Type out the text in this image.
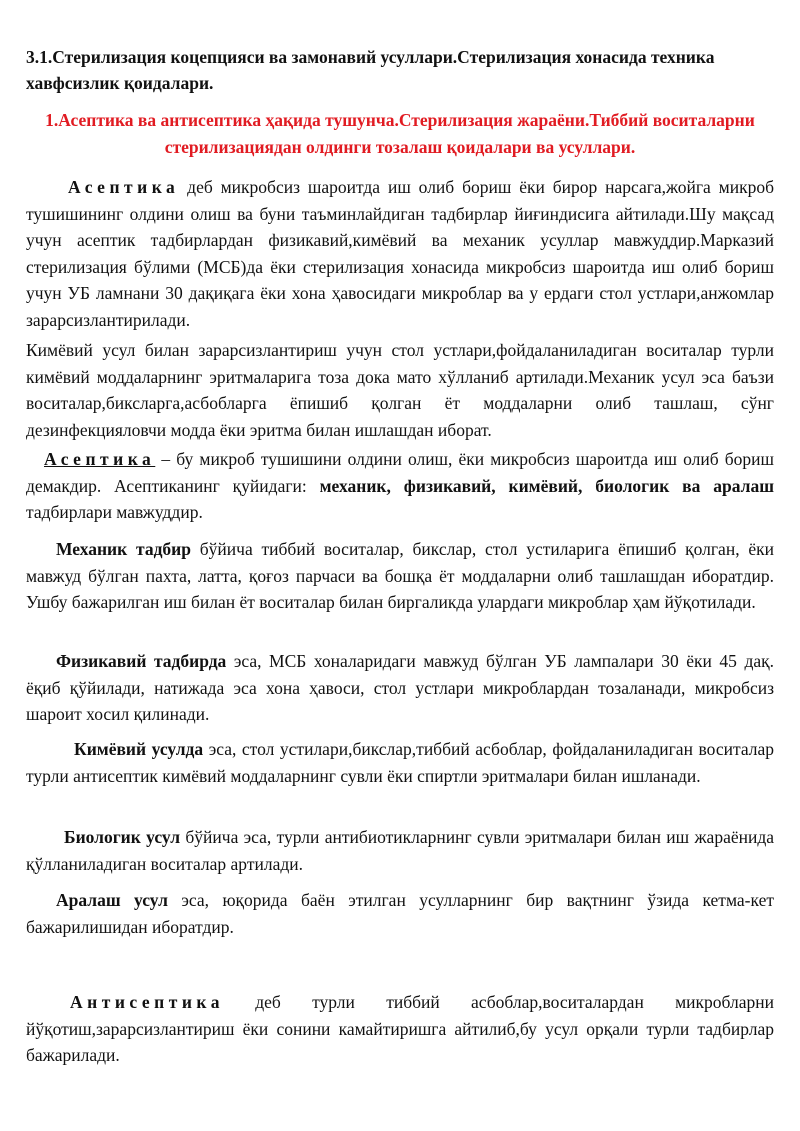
3.1.Стерилизация коцепцияси ва замонавий усуллари.Стерилизация хонасида техника хавфсизлик қоидалари.
1.Асептика ва антисептика ҳақида тушунча.Стерилизация жараёни.Тиббий воситаларни стерилизациядан олдинги тозалаш қоидалари ва усуллари.
Асептика деб микробсиз шароитда иш олиб бориш ёки бирор нарсага,жойга микроб тушишининг олдини олиш ва буни таъминлайдиган тадбирлар йиғиндисига айтилади.Шу мақсад учун асептик тадбирлардан физикавий,кимёвий ва механик усуллар мавжуддир.Марказий стерилизация бўлими (МСБ)да ёки стерилизация хонасида микробсиз шароитда иш олиб бориш учун УБ ламнани 30 дақиқага ёки хона ҳавосидаги микроблар ва у ердаги стол устлари,анжомлар зарарсизлантирилади.
Кимёвий усул билан зарарсизлантириш учун стол устлари,фойдаланиладиган воситалар турли кимёвий моддаларнинг эритмаларига тоза дока мато хўлланиб артилади.Механик усул эса баъзи воситалар,биксларга,асбобларга ёпишиб қолган ёт моддаларни олиб ташлаш, сўнг дезинфекцияловчи модда ёки эритма билан ишлашдан иборат.
Асептика – бу микроб тушишини олдини олиш, ёки микробсиз шароитда иш олиб бориш демакдир. Асептиканинг қуйидаги: механик, физикавий, кимёвий, биологик ва аралаш тадбирлари мавжуддир.
Механик тадбир бўйича тиббий воситалар, бикслар, стол устиларига ёпишиб қолган, ёки мавжуд бўлган пахта, латта, қоғоз парчаси ва бошқа ёт моддаларни олиб ташлашдан иборатдир. Ушбу бажарилган иш билан ёт воситалар билан биргаликда улардаги микроблар ҳам йўқотилади.
Физикавий тадбирда эса, МСБ хоналаридаги мавжуд бўлган УБ лампалари 30 ёки 45 дақ. ёқиб қўйилади, натижада эса хона ҳавоси, стол устлари микроблардан тозаланади, микробсиз шароит хосил қилинади.
Кимёвий усулда эса, стол устилари,бикслар,тиббий асбоблар, фойдаланиладиган воситалар турли антисептик кимёвий моддаларнинг сувли ёки спиртли эритмалари билан ишланади.
Биологик усул бўйича эса, турли антибиотикларнинг сувли эритмалари билан иш жараёнида қўлланиладиган воситалар артилади.
Аралаш усул эса, юқорида баён этилган усулларнинг бир вақтнинг ўзида кетма-кет бажарилишидан иборатдир.
Антисептика деб турли тиббий асбоблар,воситалардан микробларни йўқотиш,зарарсизлантириш ёки сонини камайтиришга айтилиб,бу усул орқали турли тадбирлар бажарилади.
